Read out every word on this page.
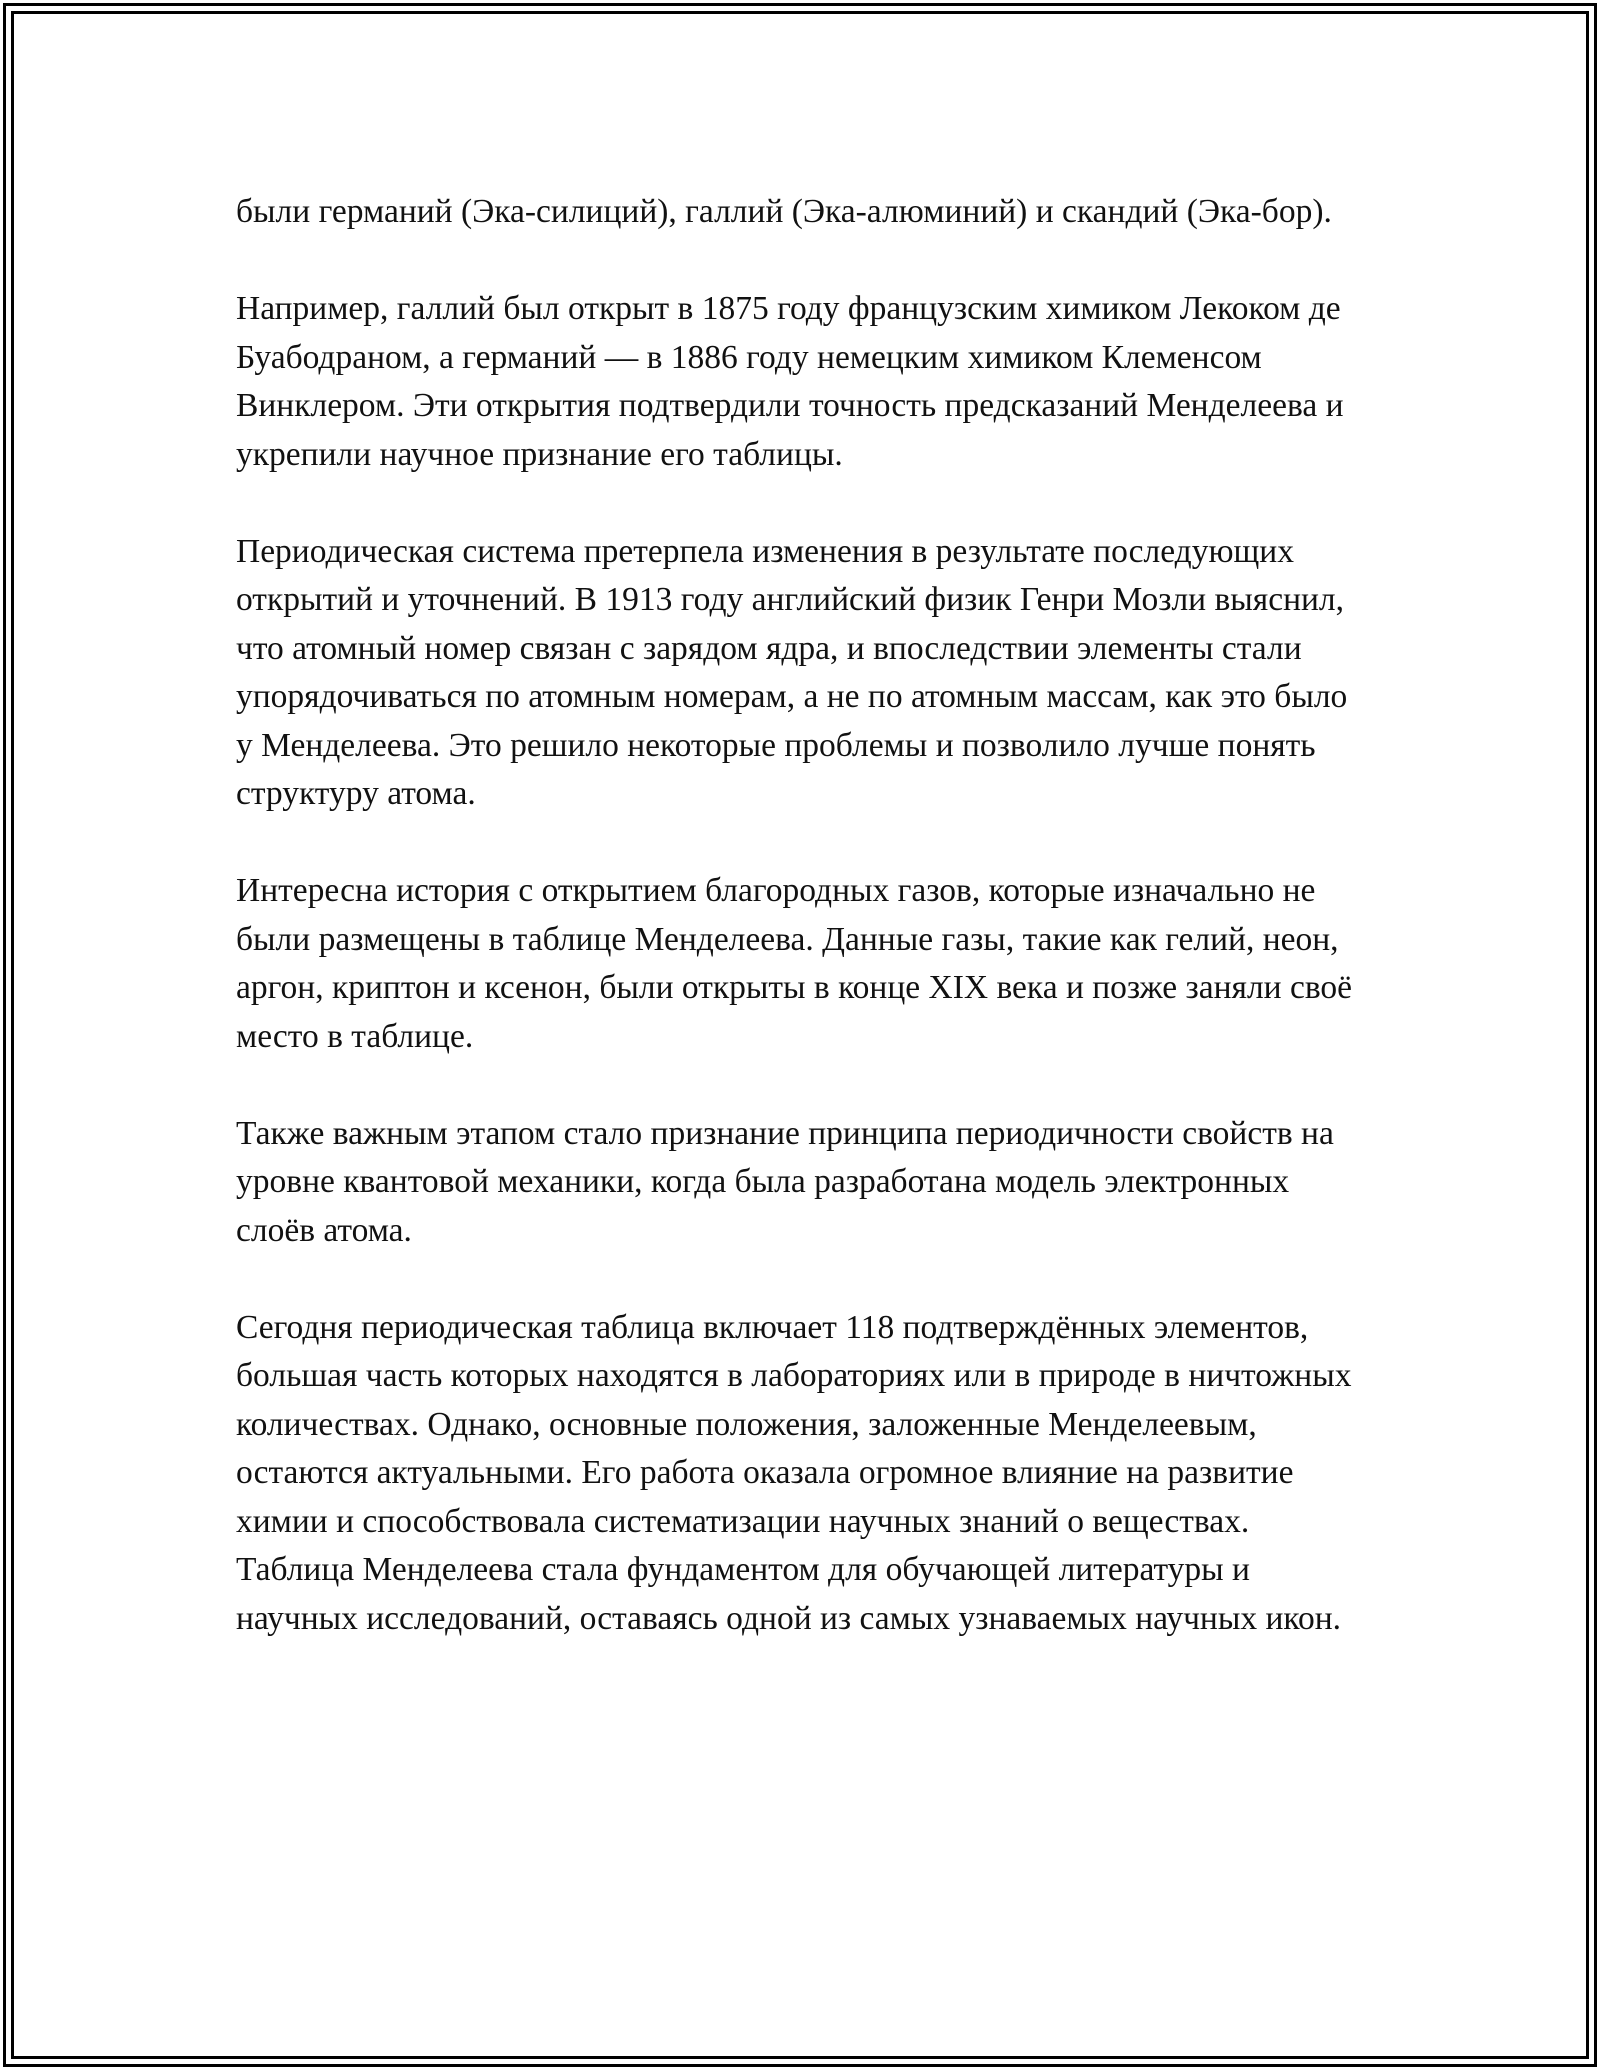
были германий (Эка-силиций), галлий (Эка-алюминий) и скандий (Эка-бор).

Например, галлий был открыт в 1875 году французским химиком Лекоком де Буабодраном, а германий — в 1886 году немецким химиком Клеменсом Винклером. Эти открытия подтвердили точность предсказаний Менделеева и укрепили научное признание его таблицы.

Периодическая система претерпела изменения в результате последующих открытий и уточнений. В 1913 году английский физик Генри Мозли выяснил, что атомный номер связан с зарядом ядра, и впоследствии элементы стали упорядочиваться по атомным номерам, а не по атомным массам, как это было у Менделеева. Это решило некоторые проблемы и позволило лучше понять структуру атома.

Интересна история с открытием благородных газов, которые изначально не были размещены в таблице Менделеева. Данные газы, такие как гелий, неон, аргон, криптон и ксенон, были открыты в конце XIX века и позже заняли своё место в таблице.

Также важным этапом стало признание принципа периодичности свойств на уровне квантовой механики, когда была разработана модель электронных слоёв атома.

Сегодня периодическая таблица включает 118 подтверждённых элементов, большая часть которых находятся в лабораториях или в природе в ничтожных количествах. Однако, основные положения, заложенные Менделеевым, остаются актуальными. Его работа оказала огромное влияние на развитие химии и способствовала систематизации научных знаний о веществах. Таблица Менделеева стала фундаментом для обучающей литературы и научных исследований, оставаясь одной из самых узнаваемых научных икон.
